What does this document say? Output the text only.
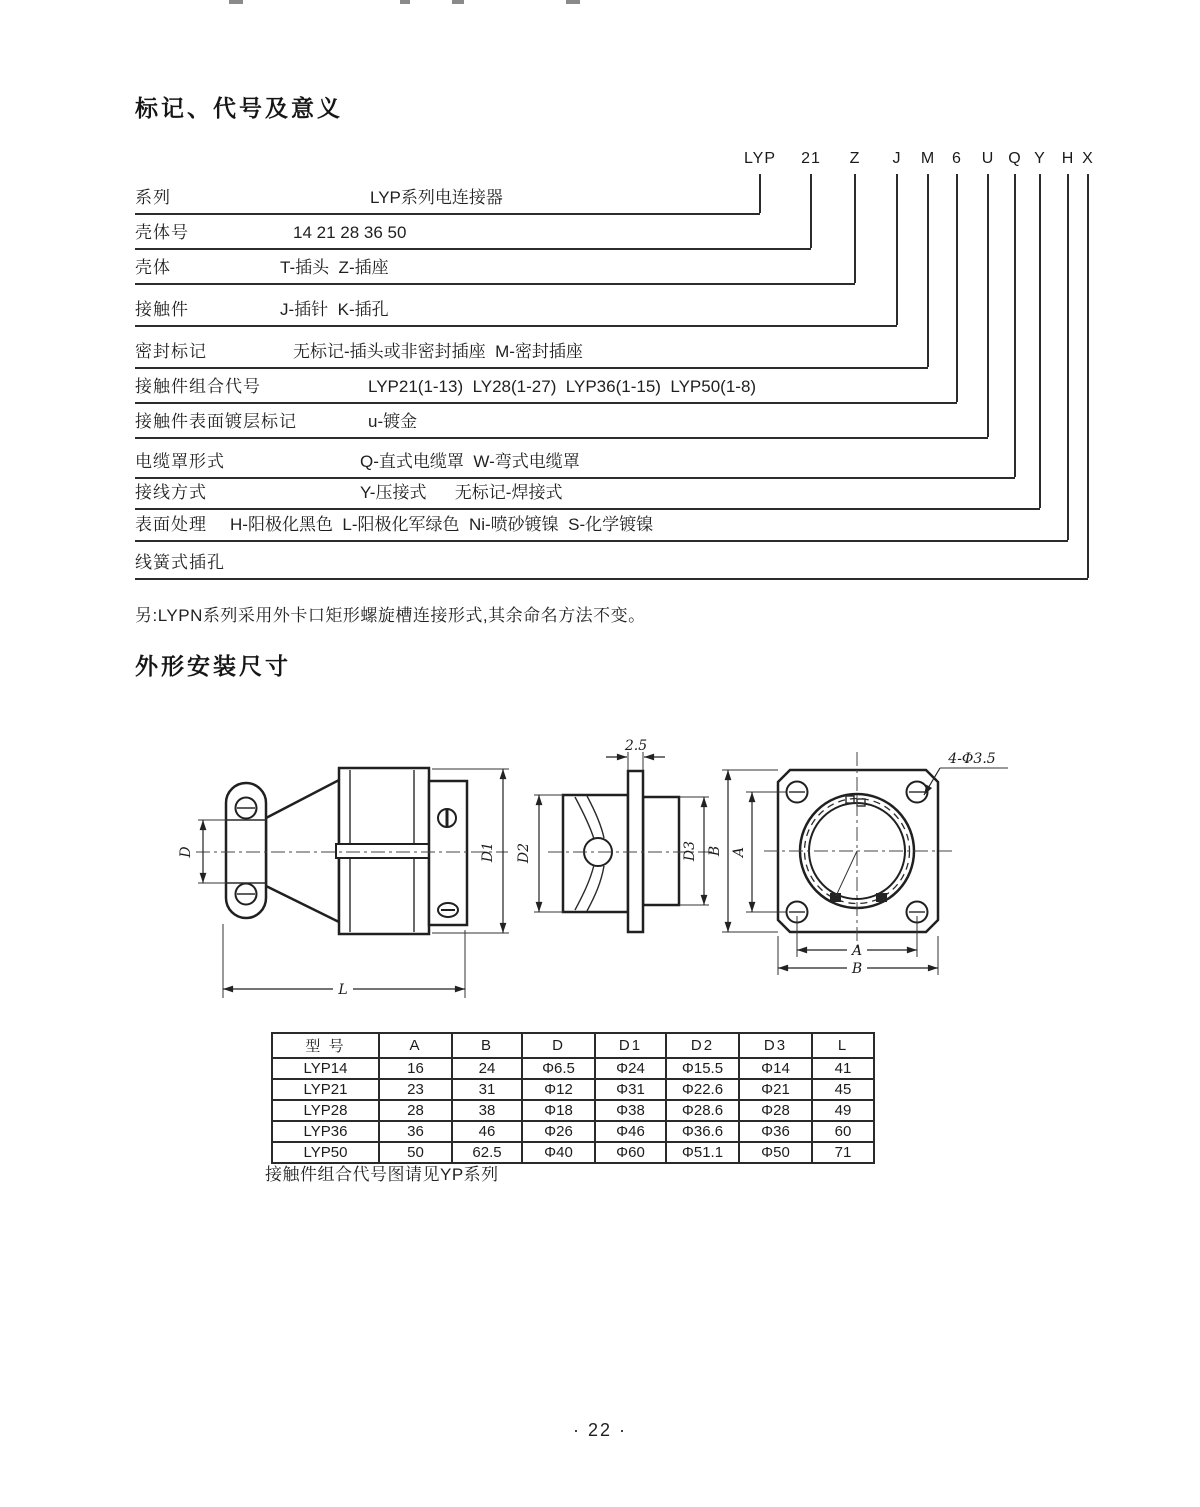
标记、代号及意义
LYP 21 Z J M 6 U Q Y H X
系列	LYP系列电连接器
壳体号	14 21 28 36 50
壳体	T-插头  Z-插座
接触件	J-插针  K-插孔
密封标记	无标记-插头或非密封插座  M-密封插座
接触件组合代号	LYP21(1-13)  LY28(1-27)  LYP36(1-15)  LYP50(1-8)
接触件表面镀层标记	u-镀金
电缆罩形式	Q-直式电缆罩  W-弯式电缆罩
接线方式	Y-压接式      无标记-焊接式
表面处理 H-阳极化黑色  L-阳极化军绿色  Ni-喷砂镀镍  S-化学镀镍
线簧式插孔
另:LYPN系列采用外卡口矩形螺旋槽连接形式,其余命名方法不变。
外形安装尺寸
D	D1
L
2.5
D2	D3
4-Φ3.5
B A
A
B
型 号	A	B	D	D1	D2	D3	L
LYP14	16	24	Φ6.5	Φ24	Φ15.5	Φ14	41
LYP21	23	31	Φ12	Φ31	Φ22.6	Φ21	45
LYP28	28	38	Φ18	Φ38	Φ28.6	Φ28	49
LYP36	36	46	Φ26	Φ46	Φ36.6	Φ36	60
LYP50	50	62.5	Φ40	Φ60	Φ51.1	Φ50	71
接触件组合代号图请见YP系列
· 22 ·
